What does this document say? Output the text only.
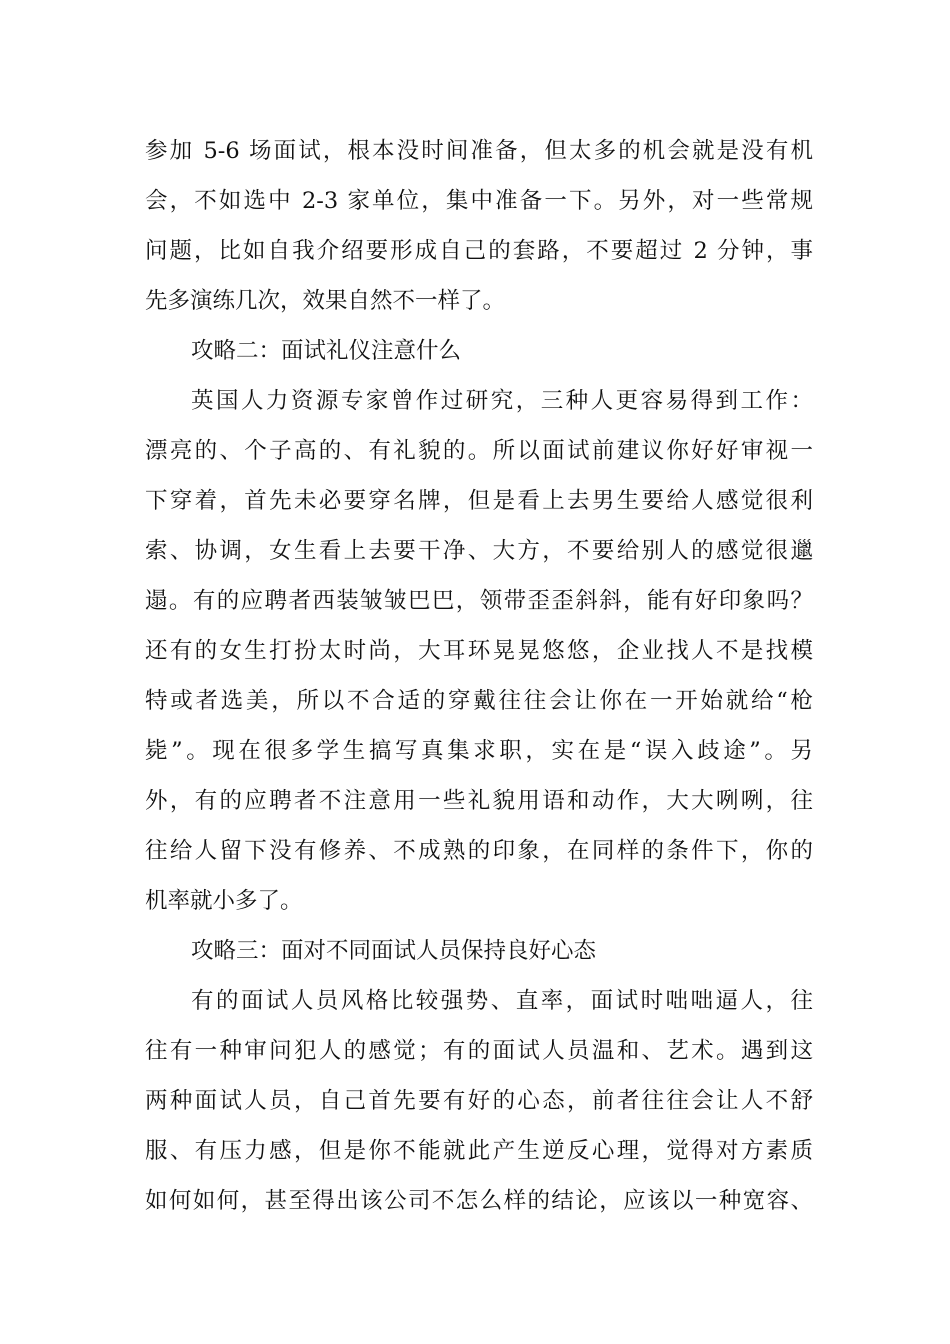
参加 5-6 场面试，根本没时间准备，但太多的机会就是没有机
会，不如选中 2-3 家单位，集中准备一下。另外，对一些常规
问题，比如自我介绍要形成自己的套路，不要超过 2 分钟，事
先多演练几次，效果自然不一样了。
攻略二：面试礼仪注意什么
英国人力资源专家曾作过研究，三种人更容易得到工作：
漂亮的、个子高的、有礼貌的。所以面试前建议你好好审视一
下穿着，首先未必要穿名牌，但是看上去男生要给人感觉很利
索、协调，女生看上去要干净、大方，不要给别人的感觉很邋
遢。有的应聘者西装皱皱巴巴，领带歪歪斜斜，能有好印象吗？
还有的女生打扮太时尚，大耳环晃晃悠悠，企业找人不是找模
特或者选美，所以不合适的穿戴往往会让你在一开始就给“枪
毙”。现在很多学生搞写真集求职，实在是“误入歧途”。另
外，有的应聘者不注意用一些礼貌用语和动作，大大咧咧，往
往给人留下没有修养、不成熟的印象，在同样的条件下，你的
机率就小多了。
攻略三：面对不同面试人员保持良好心态
有的面试人员风格比较强势、直率，面试时咄咄逼人，往
往有一种审问犯人的感觉；有的面试人员温和、艺术。遇到这
两种面试人员，自己首先要有好的心态，前者往往会让人不舒
服、有压力感，但是你不能就此产生逆反心理，觉得对方素质
如何如何，甚至得出该公司不怎么样的结论，应该以一种宽容、
